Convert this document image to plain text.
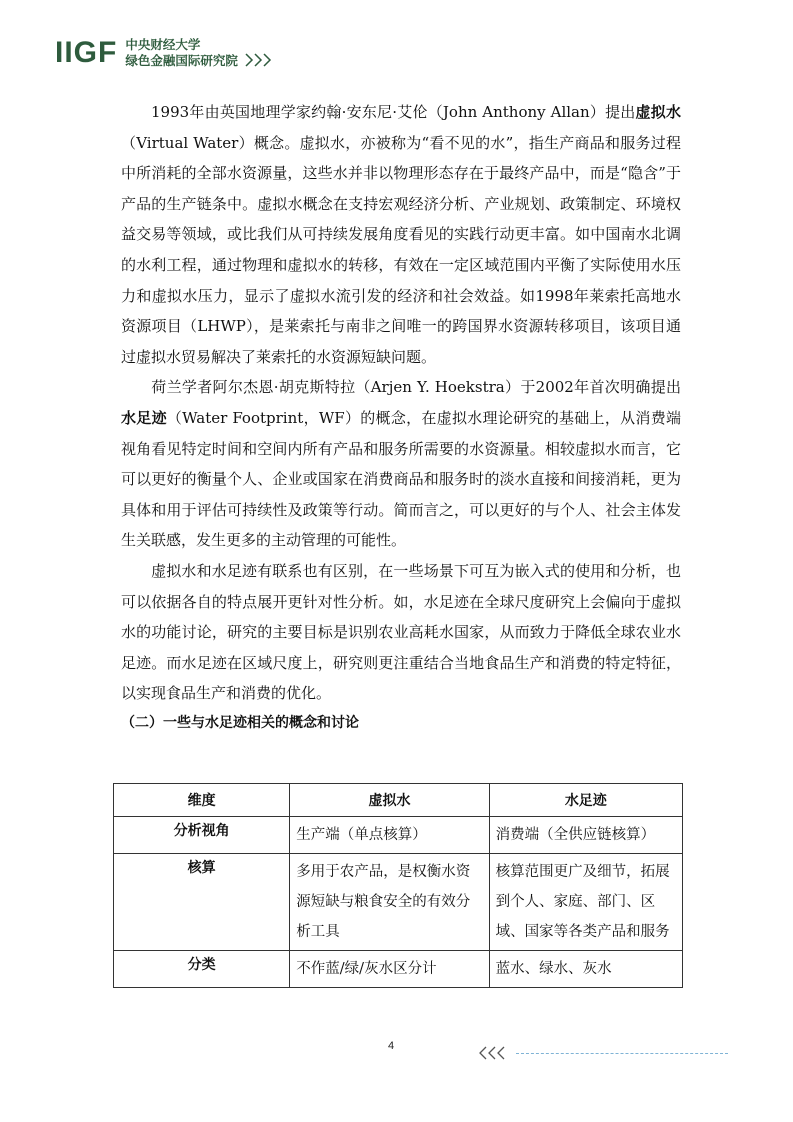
IIGF 中央财经大学
绿色金融国际研究院

1993年由英国地理学家约翰·安东尼·艾伦（John Anthony Allan）提出虚拟水（Virtual Water）概念。虚拟水，亦被称为“看不见的水”，指生产商品和服务过程中所消耗的全部水资源量，这些水并非以物理形态存在于最终产品中，而是“隐含”于产品的生产链条中。虚拟水概念在支持宏观经济分析、产业规划、政策制定、环境权益交易等领域，或比我们从可持续发展角度看见的实践行动更丰富。如中国南水北调的水利工程，通过物理和虚拟水的转移，有效在一定区域范围内平衡了实际使用水压力和虚拟水压力，显示了虚拟水流引发的经济和社会效益。如1998年莱索托高地水资源项目（LHWP），是莱索托与南非之间唯一的跨国界水资源转移项目，该项目通过虚拟水贸易解决了莱索托的水资源短缺问题。

荷兰学者阿尔杰恩·胡克斯特拉（Arjen Y. Hoekstra）于2002年首次明确提出水足迹（Water Footprint，WF）的概念，在虚拟水理论研究的基础上，从消费端视角看见特定时间和空间内所有产品和服务所需要的水资源量。相较虚拟水而言，它可以更好的衡量个人、企业或国家在消费商品和服务时的淡水直接和间接消耗，更为具体和用于评估可持续性及政策等行动。简而言之，可以更好的与个人、社会主体发生关联感，发生更多的主动管理的可能性。

虚拟水和水足迹有联系也有区别，在一些场景下可互为嵌入式的使用和分析，也可以依据各自的特点展开更针对性分析。如，水足迹在全球尺度研究上会偏向于虚拟水的功能讨论，研究的主要目标是识别农业高耗水国家，从而致力于降低全球农业水足迹。而水足迹在区域尺度上，研究则更注重结合当地食品生产和消费的特定特征，以实现食品生产和消费的优化。

（二）一些与水足迹相关的概念和讨论
维度	虚拟水	水足迹
分析视角	生产端（单点核算）	消费端（全供应链核算）
核算	多用于农产品，是权衡水资源短缺与粮食安全的有效分析工具	核算范围更广及细节，拓展到个人、家庭、部门、区域、国家等各类产品和服务
分类	不作蓝/绿/灰水区分计	蓝水、绿水、灰水
4
